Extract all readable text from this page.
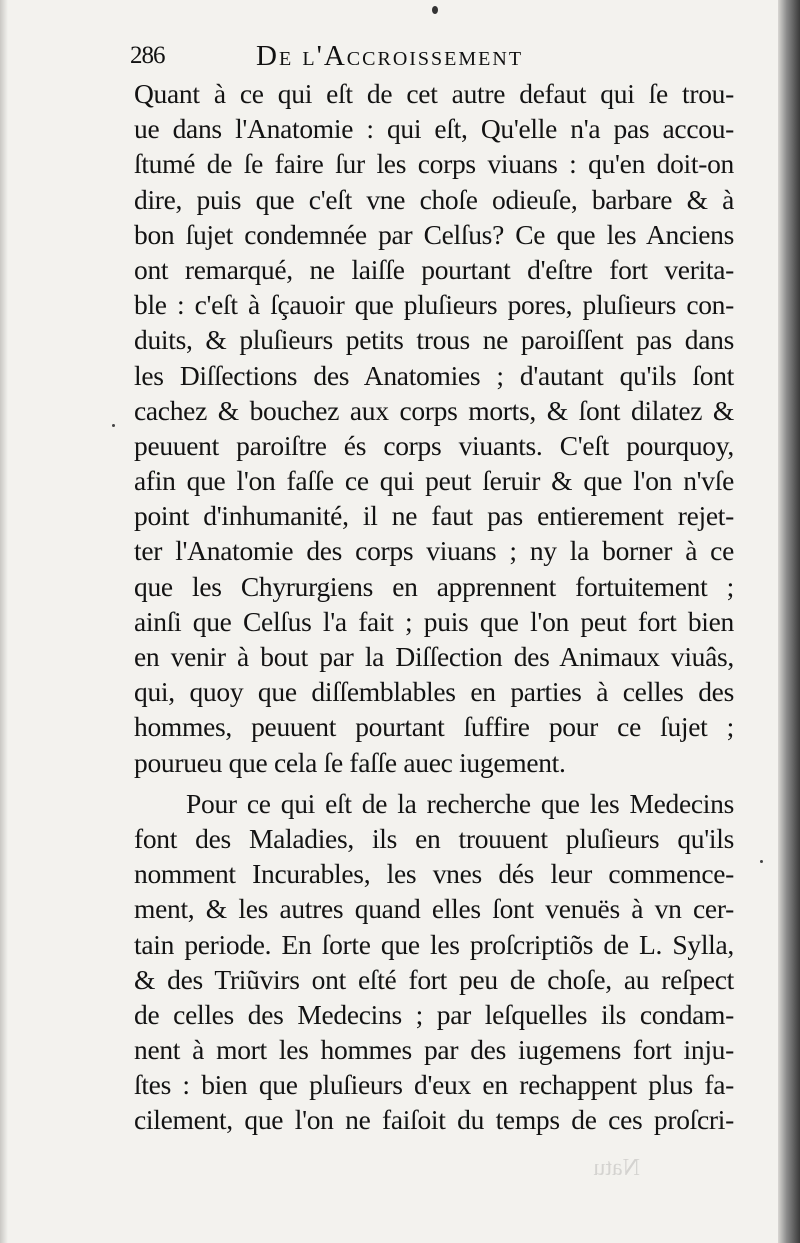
286	De l'Accroissement
Quant à ce qui eſt de cet autre defaut qui ſe trou-
ue dans l'Anatomie : qui eſt, Qu'elle n'a pas accou-
ſtumé de ſe faire ſur les corps viuans : qu'en doit-on
dire, puis que c'eſt vne choſe odieuſe, barbare & à
bon ſujet condemnée par Celſus? Ce que les Anciens
ont remarqué, ne laiſſe pourtant d'eſtre fort verita-
ble : c'eſt à ſçauoir que pluſieurs pores, pluſieurs con-
duits, & pluſieurs petits trous ne paroiſſent pas dans
les Diſſections des Anatomies ; d'autant qu'ils ſont
cachez & bouchez aux corps morts, & ſont dilatez &
peuuent paroiſtre és corps viuants. C'eſt pourquoy,
afin que l'on faſſe ce qui peut ſeruir & que l'on n'vſe
point d'inhumanité, il ne faut pas entierement rejet-
ter l'Anatomie des corps viuans ; ny la borner à ce
que les Chyrurgiens en apprennent fortuitement ;
ainſi que Celſus l'a fait ; puis que l'on peut fort bien
en venir à bout par la Diſſection des Animaux viuâs,
qui, quoy que diſſemblables en parties à celles des
hommes, peuuent pourtant ſuffire pour ce ſujet ;
pourueu que cela ſe faſſe auec iugement.
Pour ce qui eſt de la recherche que les Medecins
font des Maladies, ils en trouuent pluſieurs qu'ils
nomment Incurables, les vnes dés leur commence-
ment, & les autres quand elles ſont venuës à vn cer-
tain periode. En ſorte que les proſcriptiõs de L. Sylla,
& des Triũvirs ont eſté fort peu de choſe, au reſpect
de celles des Medecins ; par leſquelles ils condam-
nent à mort les hommes par des iugemens fort inju-
ſtes : bien que pluſieurs d'eux en rechappent plus fa-
cilement, que l'on ne faiſoit du temps de ces proſcri-
Natu
